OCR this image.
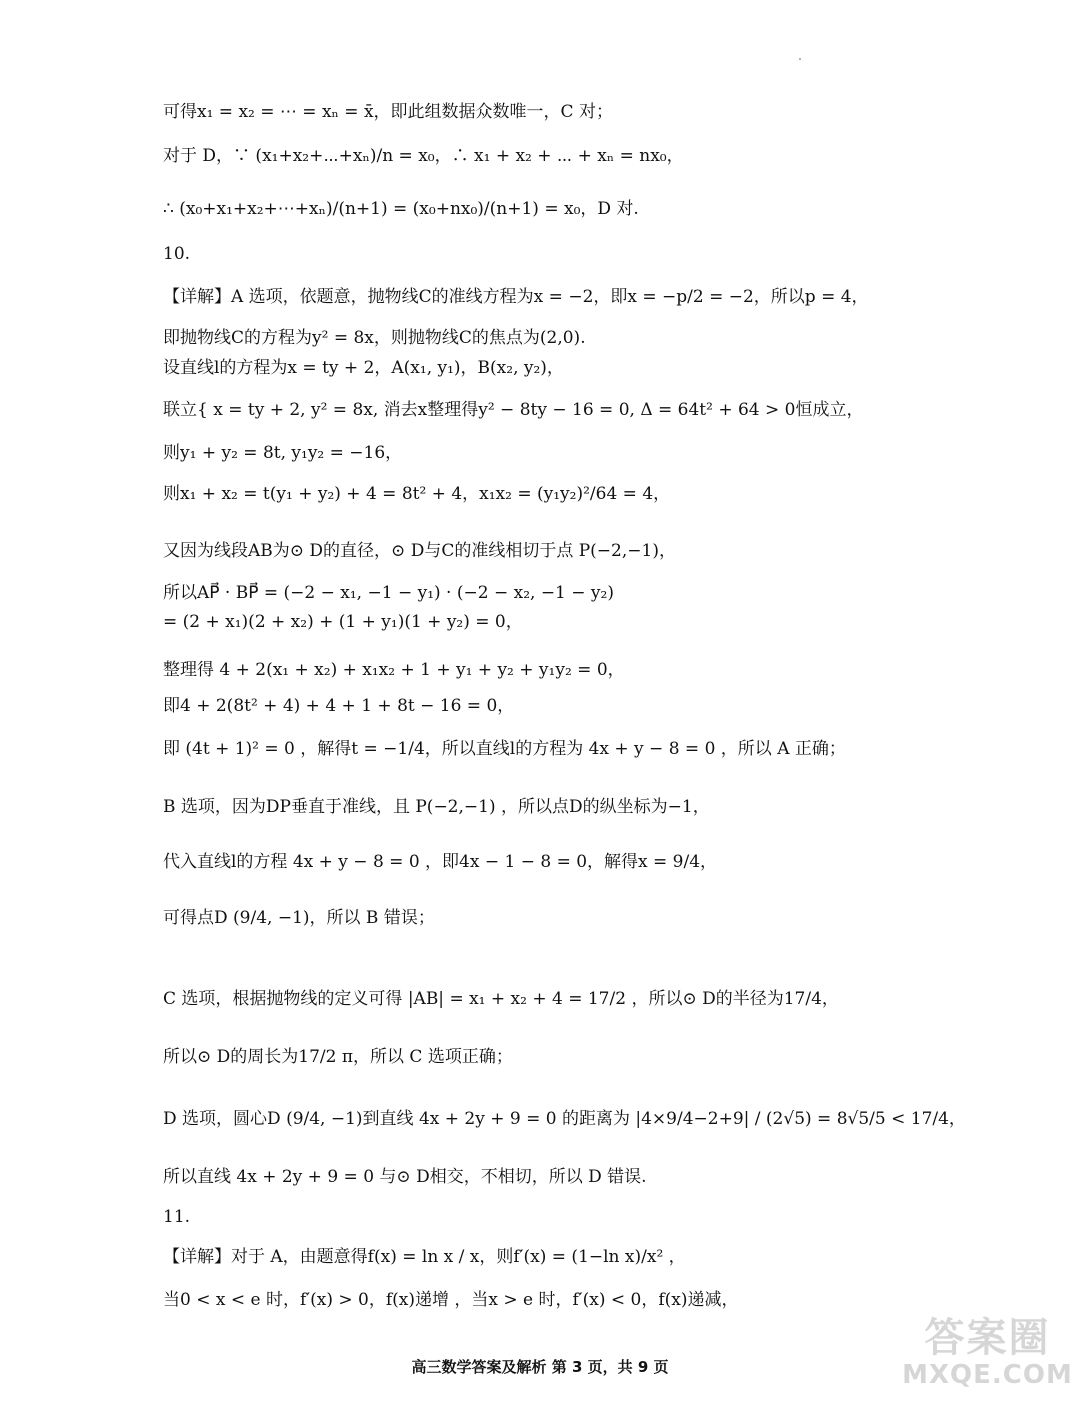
可得x₁ = x₂ = ⋯ = xₙ = x̄，即此组数据众数唯一，C 对；
对于 D，∵ (x₁+x₂+⋯+xₙ)/n = x₀，∴ x₁ + x₂ + ⋯ + xₙ = nx₀，
∴ (x₀+x₁+x₂+⋯+xₙ)/(n+1) = (x₀+nx₀)/(n+1) = x₀，D 对.
10.
【详解】A 选项，依题意，抛物线C的准线方程为x = −2，即x = −p/2 = −2，所以p = 4，
即抛物线C的方程为y² = 8x，则抛物线C的焦点为(2,0).
设直线l的方程为x = ty + 2，A(x₁, y₁)，B(x₂, y₂)，
联立{ x = ty + 2, y² = 8x, 消去x整理得y² − 8ty − 16 = 0, Δ = 64t² + 64 > 0恒成立，
则y₁ + y₂ = 8t, y₁y₂ = −16，
则x₁ + x₂ = t(y₁ + y₂) + 4 = 8t² + 4，x₁x₂ = (y₁y₂)²/64 = 4，
又因为线段AB为⊙ D的直径，⊙ D与C的准线相切于点 P(−2,−1)，
所以AP⃗ · BP⃗ = (−2 − x₁, −1 − y₁) · (−2 − x₂, −1 − y₂)
= (2 + x₁)(2 + x₂) + (1 + y₁)(1 + y₂) = 0，
整理得 4 + 2(x₁ + x₂) + x₁x₂ + 1 + y₁ + y₂ + y₁y₂ = 0，
即4 + 2(8t² + 4) + 4 + 1 + 8t − 16 = 0，
即 (4t + 1)² = 0 ，解得t = −1/4，所以直线l的方程为 4x + y − 8 = 0 ，所以 A 正确；
B 选项，因为DP垂直于准线，且 P(−2,−1) ，所以点D的纵坐标为−1，
代入直线l的方程 4x + y − 8 = 0 ，即4x − 1 − 8 = 0，解得x = 9/4，
可得点D (9/4, −1)，所以 B 错误；
C 选项，根据抛物线的定义可得 |AB| = x₁ + x₂ + 4 = 17/2 ，所以⊙ D的半径为17/4，
所以⊙ D的周长为17/2 π，所以 C 选项正确；
D 选项，圆心D (9/4, −1)到直线 4x + 2y + 9 = 0 的距离为 |4×9/4−2+9| / (2√5) = 8√5/5 < 17/4，
所以直线 4x + 2y + 9 = 0 与⊙ D相交，不相切，所以 D 错误.
11.
【详解】对于 A，由题意得f(x) = ln x / x，则f′(x) = (1−ln x)/x² ，
当0 < x < e 时，f′(x) > 0，f(x)递增 ，当x > e 时，f′(x) < 0，f(x)递减，
高三数学答案及解析 第 3 页，共 9 页
答案圈
MXQE.COM
